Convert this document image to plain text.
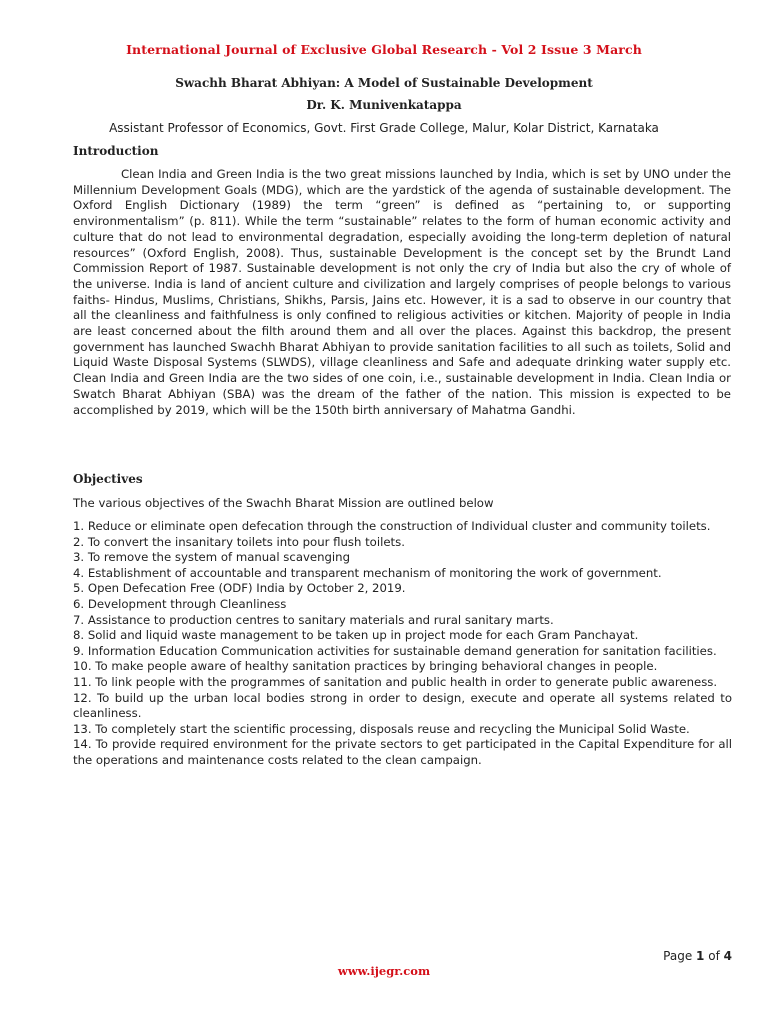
International Journal of Exclusive Global Research - Vol 2 Issue 3 March
Swachh Bharat Abhiyan: A Model of Sustainable Development
Dr. K. Munivenkatappa
Assistant Professor of Economics, Govt. First Grade College, Malur, Kolar District, Karnataka
Introduction
Clean India and Green India is the two great missions launched by India, which is set by UNO under the Millennium Development Goals (MDG), which are the yardstick of the agenda of sustainable development. The Oxford English Dictionary (1989) the term “green” is defined as “pertaining to, or supporting environmentalism” (p. 811). While the term “sustainable” relates to the form of human economic activity and culture that do not lead to environmental degradation, especially avoiding the long-term depletion of natural resources” (Oxford English, 2008). Thus, sustainable Development is the concept set by the Brundt Land Commission Report of 1987. Sustainable development is not only the cry of India but also the cry of whole of the universe. India is land of ancient culture and civilization and largely comprises of people belongs to various faiths- Hindus, Muslims, Christians, Shikhs, Parsis, Jains etc. However, it is a sad to observe in our country that all the cleanliness and faithfulness is only confined to religious activities or kitchen. Majority of people in India are least concerned about the filth around them and all over the places. Against this backdrop, the present government has launched Swachh Bharat Abhiyan to provide sanitation facilities to all such as toilets, Solid and Liquid Waste Disposal Systems (SLWDS), village cleanliness and Safe and adequate drinking water supply etc. Clean India and Green India are the two sides of one coin, i.e., sustainable development in India. Clean India or Swatch Bharat Abhiyan (SBA) was the dream of the father of the nation. This mission is expected to be accomplished by 2019, which will be the 150th birth anniversary of Mahatma Gandhi.
Objectives
The various objectives of the Swachh Bharat Mission are outlined below
1. Reduce or eliminate open defecation through the construction of Individual cluster and community toilets.
2. To convert the insanitary toilets into pour flush toilets.
3. To remove the system of manual scavenging
4. Establishment of accountable and transparent mechanism of monitoring the work of government.
5. Open Defecation Free (ODF) India by October 2, 2019.
6. Development through Cleanliness
7. Assistance to production centres to sanitary materials and rural sanitary marts.
8. Solid and liquid waste management to be taken up in project mode for each Gram Panchayat.
9. Information Education Communication activities for sustainable demand generation for sanitation facilities.
10. To make people aware of healthy sanitation practices by bringing behavioral changes in people.
11. To link people with the programmes of sanitation and public health in order to generate public awareness.
12. To build up the urban local bodies strong in order to design, execute and operate all systems related to cleanliness.
13. To completely start the scientific processing, disposals reuse and recycling the Municipal Solid Waste.
14. To provide required environment for the private sectors to get participated in the Capital Expenditure for all the operations and maintenance costs related to the clean campaign.
Page 1 of 4
www.ijegr.com
